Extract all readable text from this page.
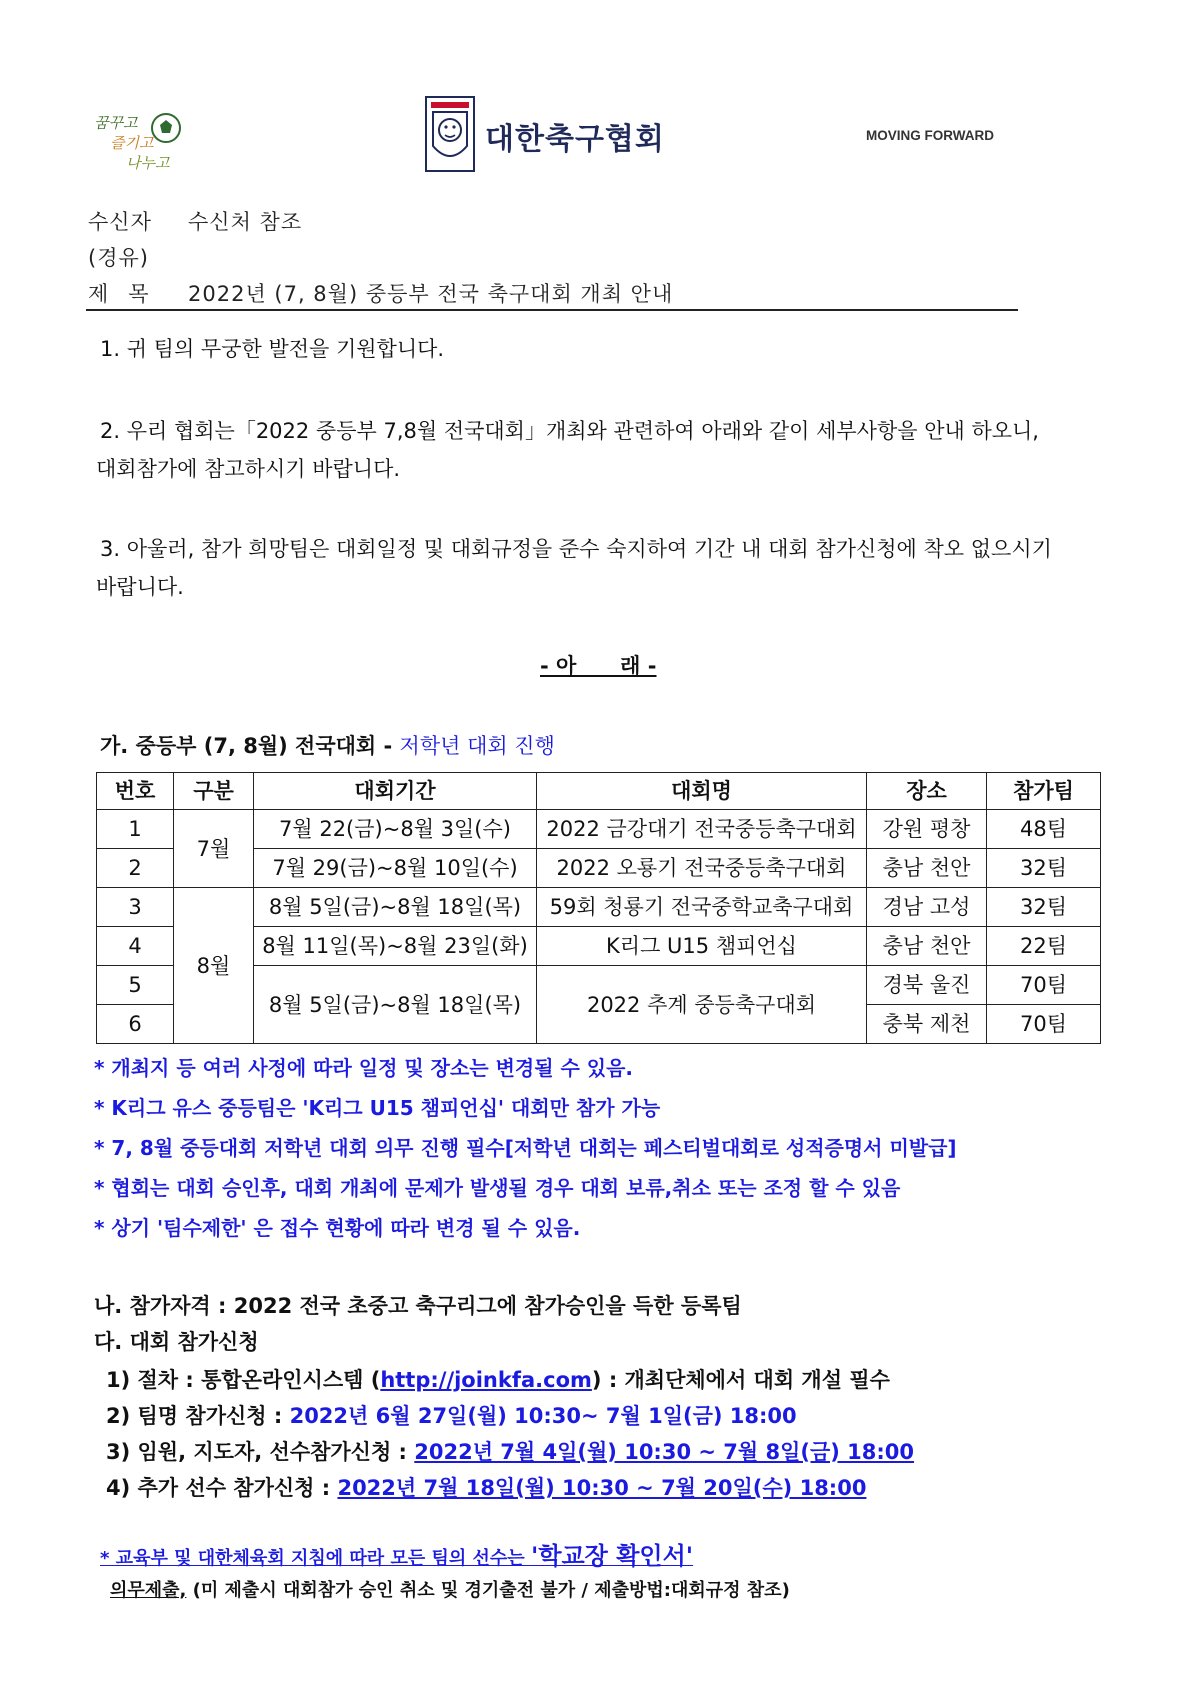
꿈꾸고
즐기고
나누고
대한축구협회	MOVING FORWARD
수신자 수신처 참조
(경유)
제목 2022년 (7, 8월) 중등부 전국 축구대회 개최 안내
1. 귀 팀의 무궁한 발전을 기원합니다.
2. 우리 협회는「2022 중등부 7,8월 전국대회」개최와 관련하여 아래와 같이 세부사항을 안내 하오니,
대회참가에 참고하시기 바랍니다.
3. 아울러, 참가 희망팀은 대회일정 및 대회규정을 준수 숙지하여 기간 내 대회 참가신청에 착오 없으시기
바랍니다.
- 아      래 -
가. 중등부 (7, 8월) 전국대회 - 저학년 대회 진행
번호	구분	대회기간	대회명	장소	참가팀
1	7월	7월 22(금)~8월 3일(수)	2022 금강대기 전국중등축구대회	강원 평창	48팀
2		7월 29(금)~8월 10일(수)	2022 오룡기 전국중등축구대회	충남 천안	32팀
3	8월	8월 5일(금)~8월 18일(목)	59회 청룡기 전국중학교축구대회	경남 고성	32팀
4		8월 11일(목)~8월 23일(화)	K리그 U15 챔피언십	충남 천안	22팀
5		8월 5일(금)~8월 18일(목)	2022 추계 중등축구대회	경북 울진	70팀
6				충북 제천	70팀
* 개최지 등 여러 사정에 따라 일정 및 장소는 변경될 수 있음.
* K리그 유스 중등팀은 'K리그 U15 챔피언십' 대회만 참가 가능
* 7, 8월 중등대회 저학년 대회 의무 진행 필수[저학년 대회는 페스티벌대회로 성적증명서 미발급]
* 협회는 대회 승인후, 대회 개최에 문제가 발생될 경우 대회 보류,취소 또는 조정 할 수 있음
* 상기 '팀수제한' 은 접수 현황에 따라 변경 될 수 있음.
나. 참가자격 : 2022 전국 초중고 축구리그에 참가승인을 득한 등록팀
다. 대회 참가신청
1) 절차 : 통합온라인시스템 (http://joinkfa.com) : 개최단체에서 대회 개설 필수
2) 팀명 참가신청 : 2022년 6월 27일(월) 10:30~ 7월 1일(금) 18:00
3) 임원, 지도자, 선수참가신청 : 2022년 7월 4일(월) 10:30 ~ 7월 8일(금) 18:00
4) 추가 선수 참가신청 : 2022년 7월 18일(월) 10:30 ~ 7월 20일(수) 18:00
* 교육부 및 대한체육회 지침에 따라 모든 팀의 선수는 '학교장 확인서'
의무제출, (미 제출시 대회참가 승인 취소 및 경기출전 불가 / 제출방법:대회규정 참조)
